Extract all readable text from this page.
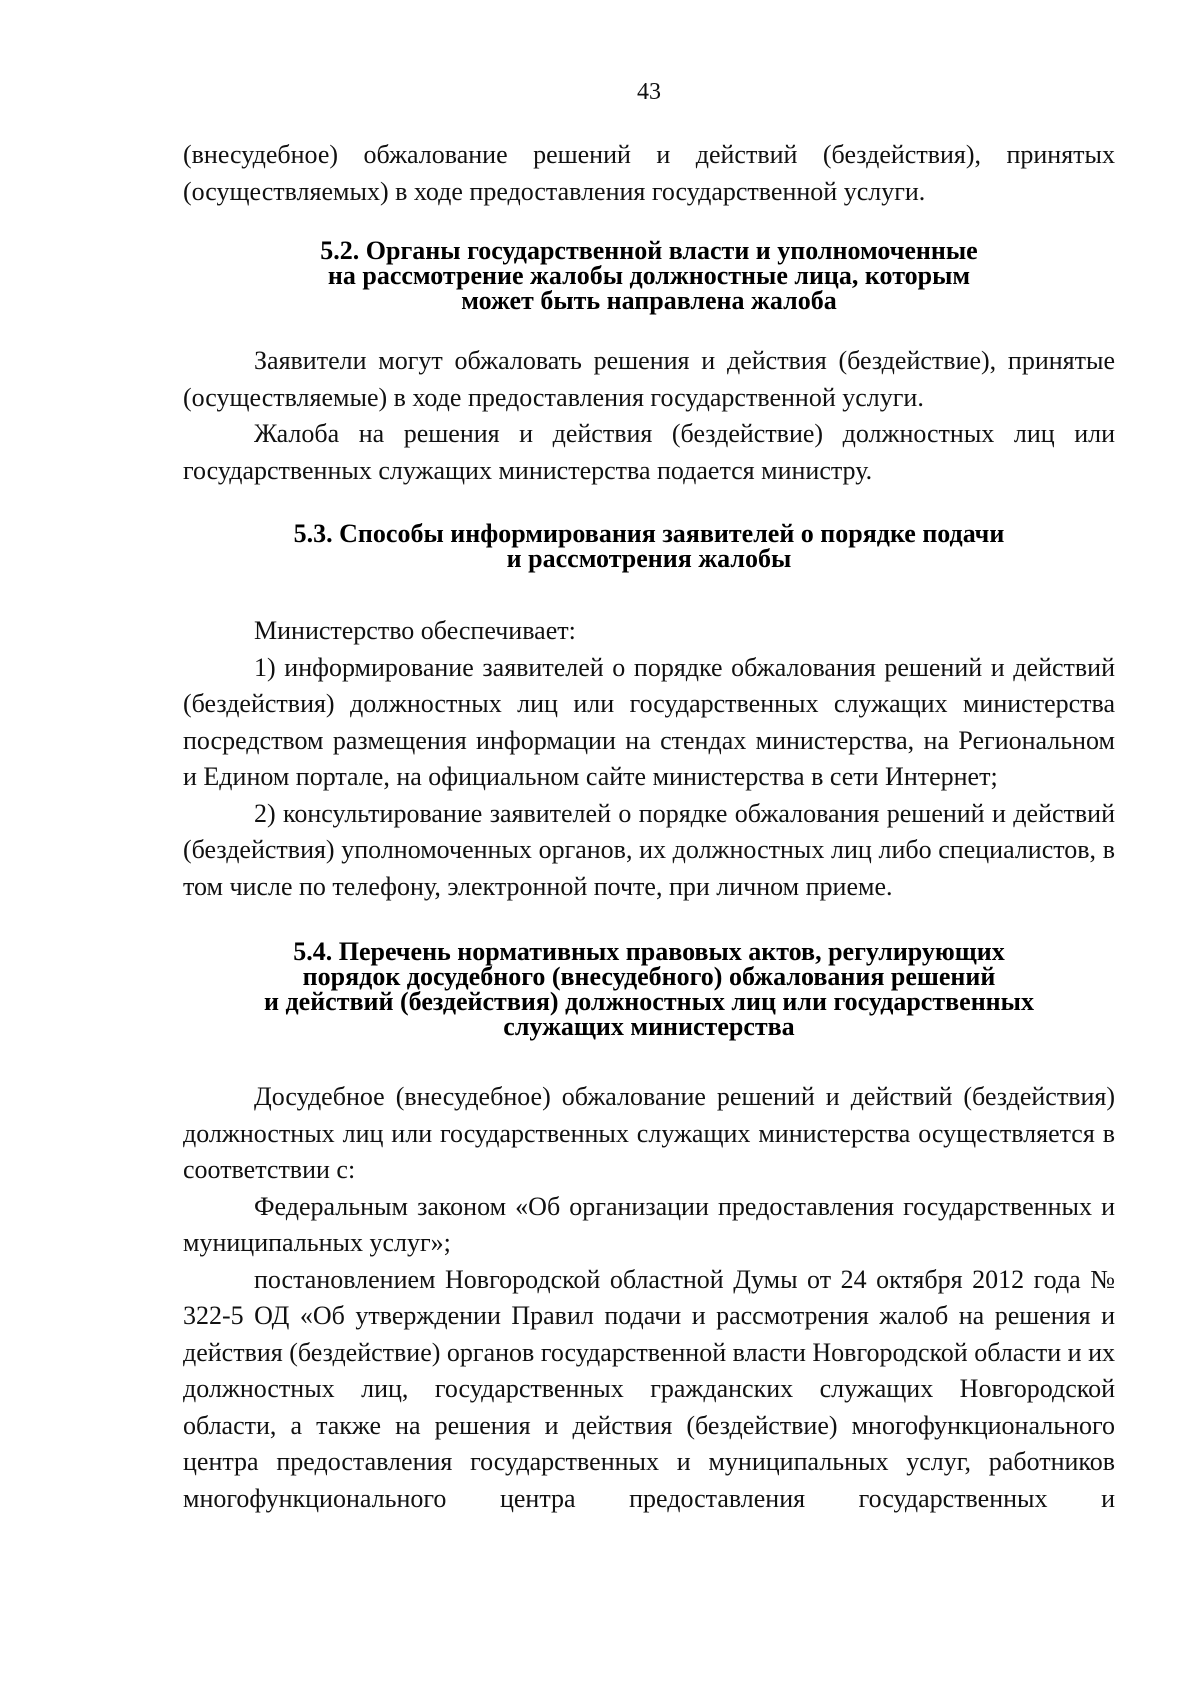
43

(внесудебное) обжалование решений и действий (бездействия), принятых (осуществляемых) в ходе предоставления государственной услуги.

5.2. Органы государственной власти и уполномоченные
на рассмотрение жалобы должностные лица, которым
может быть направлена жалоба

Заявители могут обжаловать решения и действия (бездействие), принятые (осуществляемые) в ходе предоставления государственной услуги.

Жалоба на решения и действия (бездействие) должностных лиц или государственных служащих министерства подается министру.

5.3. Способы информирования заявителей о порядке подачи
и рассмотрения жалобы

Министерство обеспечивает:

1) информирование заявителей о порядке обжалования решений и действий (бездействия) должностных лиц или государственных служащих министерства посредством размещения информации на стендах министерства, на Региональном и Едином портале, на официальном сайте министерства в сети Интернет;

2) консультирование заявителей о порядке обжалования решений и действий (бездействия) уполномоченных органов, их должностных лиц либо специалистов, в том числе по телефону, электронной почте, при личном приеме.

5.4. Перечень нормативных правовых актов, регулирующих
порядок досудебного (внесудебного) обжалования решений
и действий (бездействия) должностных лиц или государственных
служащих министерства

Досудебное (внесудебное) обжалование решений и действий (бездействия) должностных лиц или государственных служащих министерства осуществляется в соответствии с:

Федеральным законом «Об организации предоставления государственных и муниципальных услуг»;

постановлением Новгородской областной Думы от 24 октября 2012 года № 322-5 ОД «Об утверждении Правил подачи и рассмотрения жалоб на решения и действия (бездействие) органов государственной власти Новгородской области и их должностных лиц, государственных гражданских служащих Новгородской области, а также на решения и действия (бездействие) многофункционального центра предоставления государственных и муниципальных услуг, работников многофункционального центра предоставления государственных и
